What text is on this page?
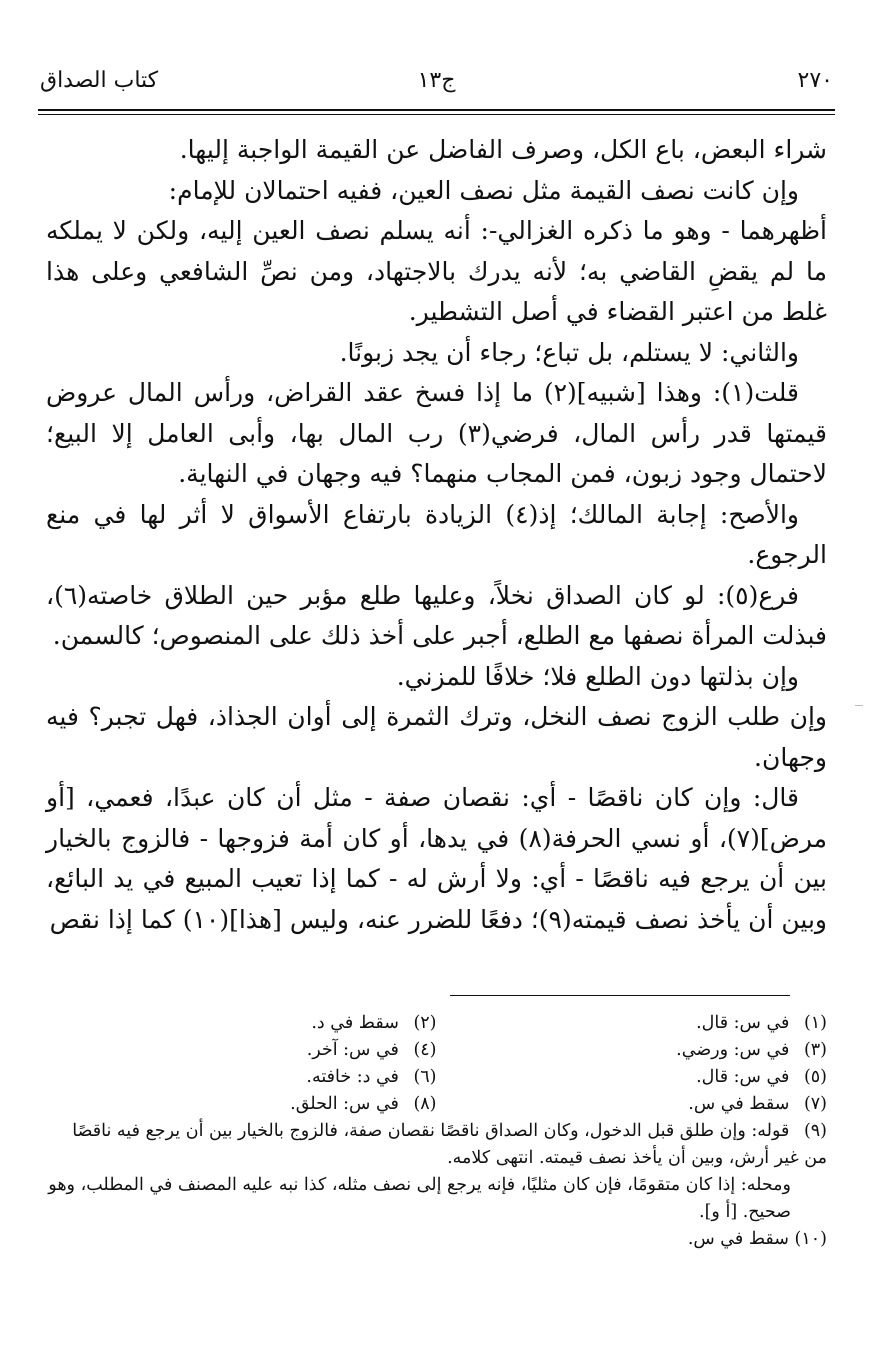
٢٧٠
ج١٣
كتاب الصداق

شراء البعض، باع الكل، وصرف الفاضل عن القيمة الواجبة إليها.

وإن كانت نصف القيمة مثل نصف العين، ففيه احتمالان للإمام:

أظهرهما - وهو ما ذكره الغزالي-: أنه يسلم نصف العين إليه، ولكن لا يملكه ما لم يقضِ القاضي به؛ لأنه يدرك بالاجتهاد، ومن نصِّ الشافعي وعلى هذا غلط من اعتبر القضاء في أصل التشطير.

والثاني: لا يستلم، بل تباع؛ رجاء أن يجد زبونًا.

قلت(١): وهذا [شبيه](٢) ما إذا فسخ عقد القراض، ورأس المال عروض قيمتها قدر رأس المال، فرضي(٣) رب المال بها، وأبى العامل إلا البيع؛ لاحتمال وجود زبون، فمن المجاب منهما؟ فيه وجهان في النهاية.

والأصح: إجابة المالك؛ إذ(٤) الزيادة بارتفاع الأسواق لا أثر لها في منع الرجوع.

فرع(٥): لو كان الصداق نخلاً، وعليها طلع مؤبر حين الطلاق خاصته(٦)، فبذلت المرأة نصفها مع الطلع، أجبر على أخذ ذلك على المنصوص؛ كالسمن.

وإن بذلتها دون الطلع فلا؛ خلافًا للمزني.

وإن طلب الزوج نصف النخل، وترك الثمرة إلى أوان الجذاذ، فهل تجبر؟ فيه وجهان.

قال: وإن كان ناقصًا - أي: نقصان صفة - مثل أن كان عبدًا، فعمي، [أو مرض](٧)، أو نسي الحرفة(٨) في يدها، أو كان أمة فزوجها - فالزوج بالخيار بين أن يرجع فيه ناقصًا - أي: ولا أرش له - كما إذا تعيب المبيع في يد البائع، وبين أن يأخذ نصف قيمته(٩)؛ دفعًا للضرر عنه، وليس [هذا](١٠) كما إذا نقص

(١) في س: قال.
(٢) سقط في د.
(٣) في س: ورضي.
(٤) في س: آخر.
(٥) في س: قال.
(٦) في د: خافته.
(٧) سقط في س.
(٨) في س: الحلق.

(٩) قوله: وإن طلق قبل الدخول، وكان الصداق ناقصًا نقصان صفة، فالزوج بالخيار بين أن يرجع فيه ناقصًا من غير أرش، وبين أن يأخذ نصف قيمته. انتهى كلامه.

ومحله: إذا كان متقومًا، فإن كان مثليًا، فإنه يرجع إلى نصف مثله، كذا نبه عليه المصنف في المطلب، وهو صحيح. [أ و].

(١٠) سقط في س.
